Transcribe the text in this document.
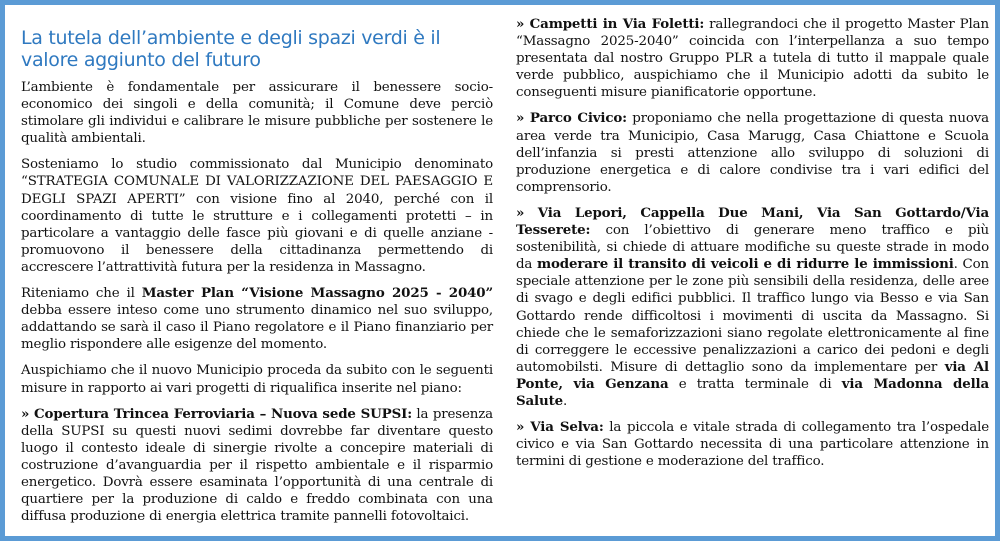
La tutela dell’ambiente e degli spazi verdi è il valore aggiunto del futuro

L’ambiente è fondamentale per assicurare il benessere socio-economico dei singoli e della comunità; il Comune deve perciò stimolare gli individui e calibrare le misure pubbliche per sostenere le qualità ambientali.

Sosteniamo lo studio commissionato dal Municipio denominato “STRATEGIA COMUNALE DI VALORIZZAZIONE DEL PAESAGGIO E DEGLI SPAZI APERTI” con visione fino al 2040, perché con il coordinamento di tutte le strutture e i collegamenti protetti – in particolare a vantaggio delle fasce più giovani e di quelle anziane - promuovono il benessere della cittadinanza permettendo di accrescere l’attrattività futura per la residenza in Massagno.

Riteniamo che il Master Plan “Visione Massagno 2025 - 2040” debba essere inteso come uno strumento dinamico nel suo sviluppo, addattando se sarà il caso il Piano regolatore e il Piano finanziario per meglio rispondere alle esigenze del momento.

Auspichiamo che il nuovo Municipio proceda da subito con le seguenti misure in rapporto ai vari progetti di riqualifica inserite nel piano:

» Copertura Trincea Ferroviaria – Nuova sede SUPSI: la presenza della SUPSI su questi nuovi sedimi dovrebbe far diventare questo luogo il contesto ideale di sinergie rivolte a concepire materiali di costruzione d’avanguardia per il rispetto ambientale e il risparmio energetico. Dovrà essere esaminata l’opportunità di una centrale di quartiere per la produzione di caldo e freddo combinata con una diffusa produzione di energia elettrica tramite pannelli fotovoltaici.

» Campetti in Via Foletti: rallegrandoci che il progetto Master Plan “Massagno 2025-2040” coincida con l’interpellanza a suo tempo presentata dal nostro Gruppo PLR a tutela di tutto il mappale quale verde pubblico, auspichiamo che il Municipio adotti da subito le conseguenti misure pianificatorie opportune.

» Parco Civico: proponiamo che nella progettazione di questa nuova area verde tra Municipio, Casa Marugg, Casa Chiattone e Scuola dell’infanzia si presti attenzione allo sviluppo di soluzioni di produzione energetica e di calore condivise tra i vari edifici del comprensorio.

» Via Lepori, Cappella Due Mani, Via San Gottardo/Via Tesserete: con l’obiettivo di generare meno traffico e più sostenibilità, si chiede di attuare modifiche su queste strade in modo da moderare il transito di veicoli e di ridurre le immissioni. Con speciale attenzione per le zone più sensibili della residenza, delle aree di svago e degli edifici pubblici. Il traffico lungo via Besso e via San Gottardo rende difficoltosi i movimenti di uscita da Massagno. Si chiede che le semaforizzazioni siano regolate elettronicamente al fine di correggere le eccessive penalizzazioni a carico dei pedoni e degli automobilsti. Misure di dettaglio sono da implementare per via Al Ponte, via Genzana e tratta terminale di via Madonna della Salute.

» Via Selva: la piccola e vitale strada di collegamento tra l’ospedale civico e via San Gottardo necessita di una particolare attenzione in termini di gestione e moderazione del traffico.
